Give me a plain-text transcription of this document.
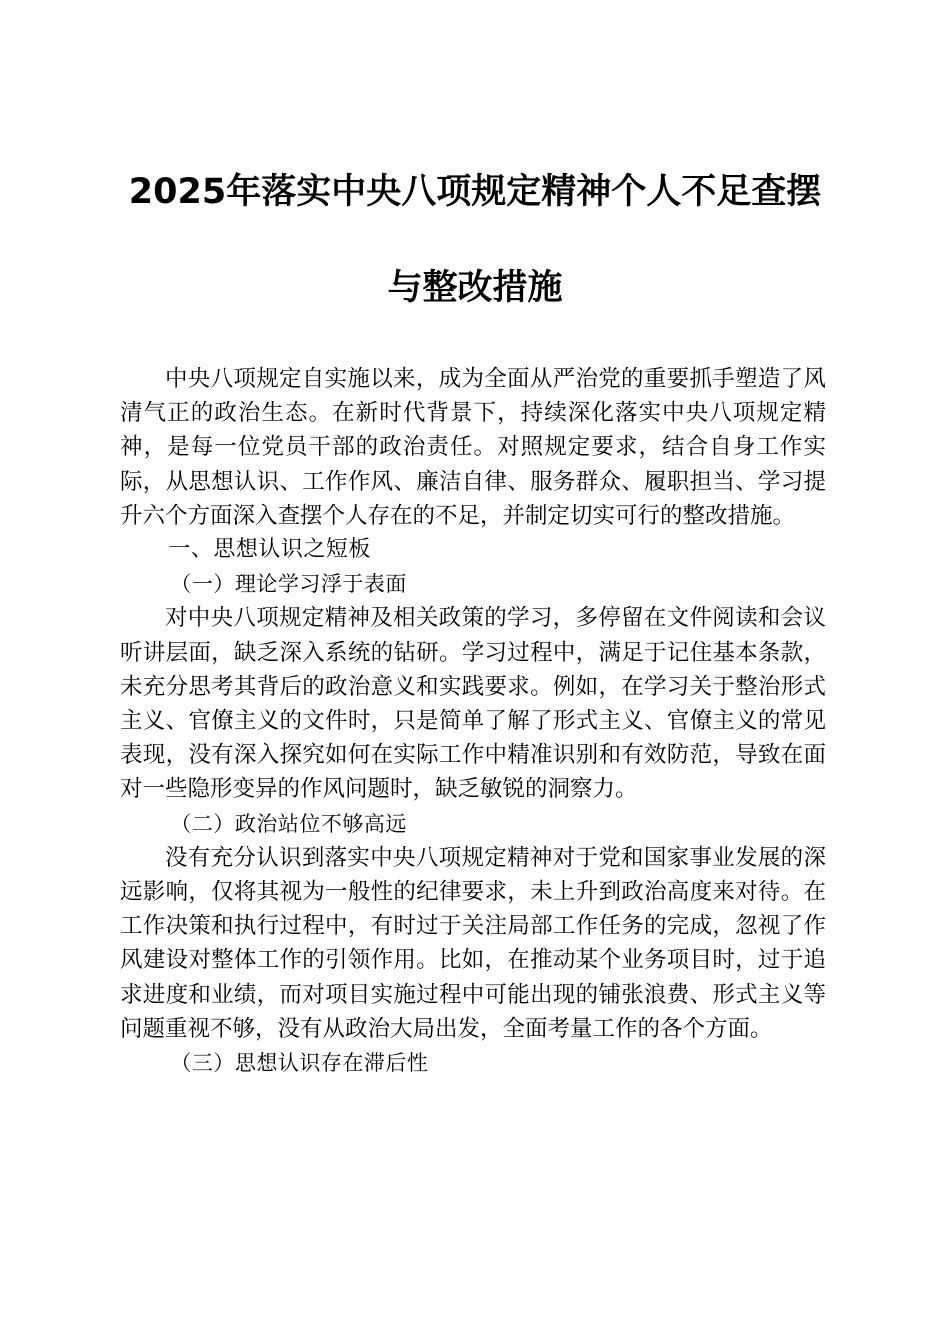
2025年落实中央八项规定精神个人不足查摆
与整改措施

中央八项规定自实施以来，成为全面从严治党的重要抓手塑造了风清气正的政治生态。在新时代背景下，持续深化落实中央八项规定精神，是每一位党员干部的政治责任。对照规定要求，结合自身工作实际，从思想认识、工作作风、廉洁自律、服务群众、履职担当、学习提升六个方面深入查摆个人存在的不足，并制定切实可行的整改措施。

一、思想认识之短板

（一）理论学习浮于表面

对中央八项规定精神及相关政策的学习，多停留在文件阅读和会议听讲层面，缺乏深入系统的钻研。学习过程中，满足于记住基本条款，未充分思考其背后的政治意义和实践要求。例如，在学习关于整治形式主义、官僚主义的文件时，只是简单了解了形式主义、官僚主义的常见表现，没有深入探究如何在实际工作中精准识别和有效防范，导致在面对一些隐形变异的作风问题时，缺乏敏锐的洞察力。

（二）政治站位不够高远

没有充分认识到落实中央八项规定精神对于党和国家事业发展的深远影响，仅将其视为一般性的纪律要求，未上升到政治高度来对待。在工作决策和执行过程中，有时过于关注局部工作任务的完成，忽视了作风建设对整体工作的引领作用。比如，在推动某个业务项目时，过于追求进度和业绩，而对项目实施过程中可能出现的铺张浪费、形式主义等问题重视不够，没有从政治大局出发，全面考量工作的各个方面。

（三）思想认识存在滞后性
